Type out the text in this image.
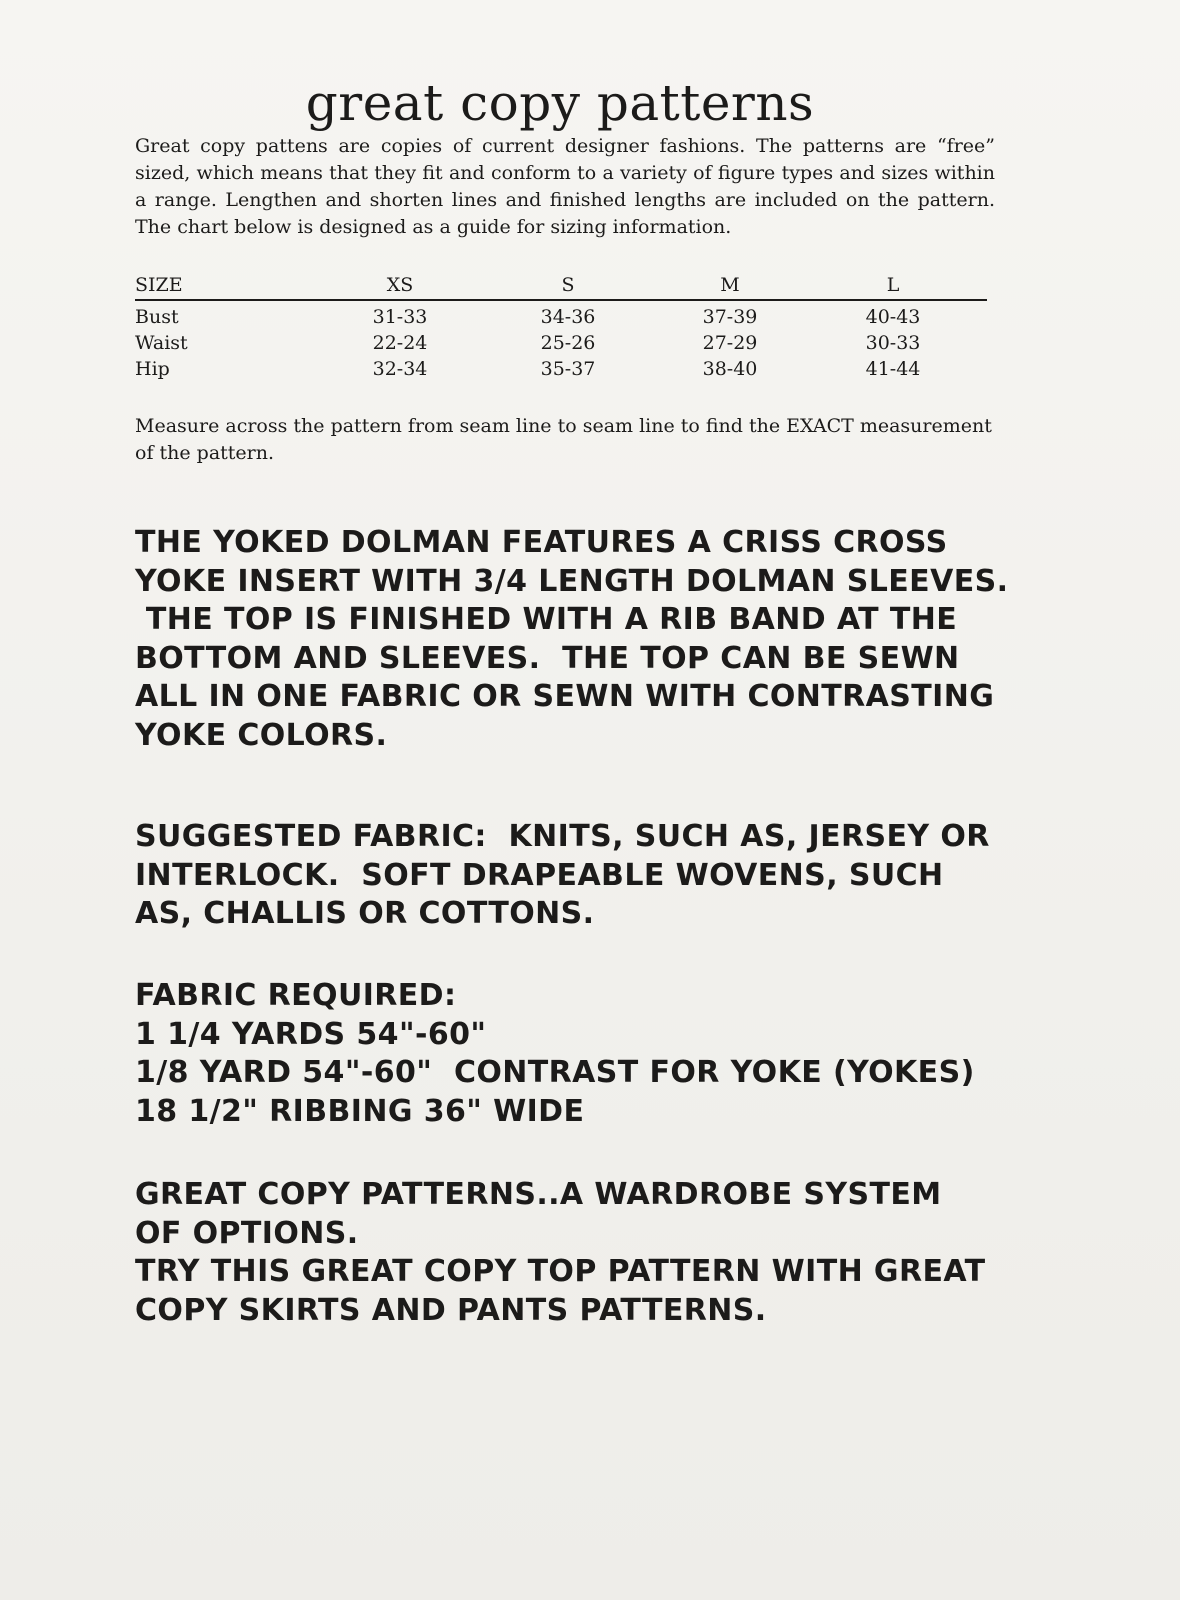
great copy patterns

Great copy pattens are copies of current designer fashions. The patterns are “free” sized, which means that they fit and conform to a variety of figure types and sizes within a range. Lengthen and shorten lines and finished lengths are included on the pattern. The chart below is designed as a guide for sizing information.

SIZE	XS	S	M	L
Bust	31-33	34-36	37-39	40-43
Waist	22-24	25-26	27-29	30-33
Hip	32-34	35-37	38-40	41-44

Measure across the pattern from seam line to seam line to find the EXACT measurement of the pattern.

THE YOKED DOLMAN FEATURES A CRISS CROSS
YOKE INSERT WITH 3/4 LENGTH DOLMAN SLEEVES.
THE TOP IS FINISHED WITH A RIB BAND AT THE
BOTTOM AND SLEEVES.  THE TOP CAN BE SEWN
ALL IN ONE FABRIC OR SEWN WITH CONTRASTING
YOKE COLORS.
SUGGESTED FABRIC:  KNITS, SUCH AS, JERSEY OR
INTERLOCK.  SOFT DRAPEABLE WOVENS, SUCH
AS, CHALLIS OR COTTONS.
FABRIC REQUIRED:
1 1/4 YARDS 54"-60"
1/8 YARD 54"-60"  CONTRAST FOR YOKE (YOKES)
18 1/2" RIBBING 36" WIDE
GREAT COPY PATTERNS..A WARDROBE SYSTEM
OF OPTIONS.
TRY THIS GREAT COPY TOP PATTERN WITH GREAT
COPY SKIRTS AND PANTS PATTERNS.
